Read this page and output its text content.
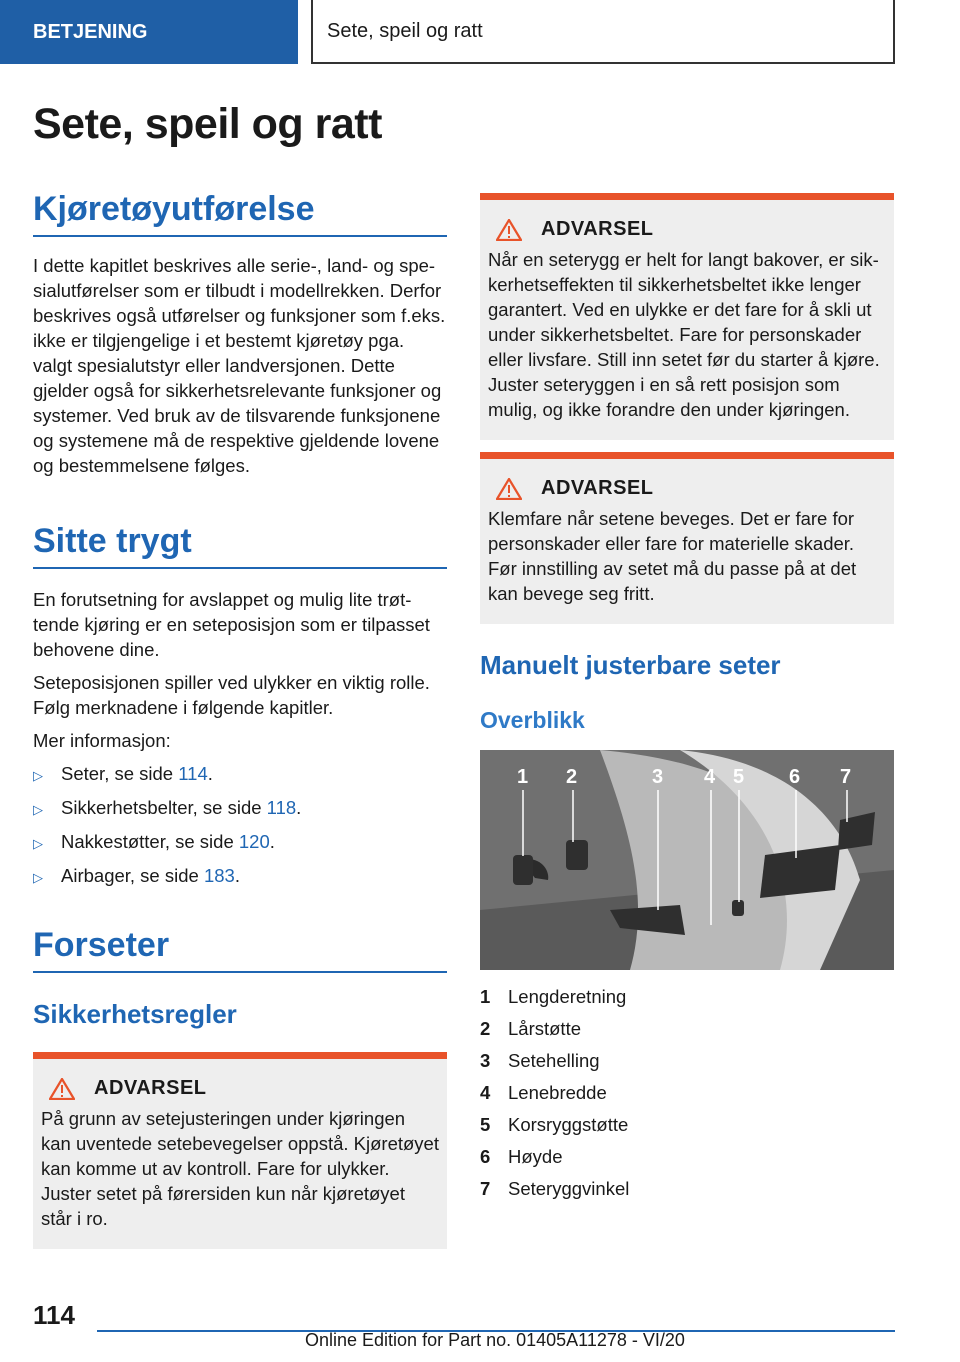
BETJENING	Sete, speil og ratt
Sete, speil og ratt
Kjøretøyutførelse

I dette kapitlet beskrives alle serie-, land- og spesialutførelser som er tilbudt i modellrekken. Derfor beskrives også utførelser og funksjoner som f.eks. ikke er tilgjengelige i et bestemt kjøretøy pga. valgt spesialutstyr eller landversjonen. Dette gjelder også for sikkerhetsrelevante funksjoner og systemer. Ved bruk av de tilsvarende funksjonene og systemene må de respektive gjeldende lovene og bestemmelsene følges.

Sitte trygt

En forutsetning for avslappet og mulig lite trøttende kjøring er en seteposisjon som er tilpasset behovene dine.

Seteposisjonen spiller ved ulykker en viktig rolle. Følg merknadene i følgende kapitler.

Mer informasjon:

▷ Seter, se side 114.
▷ Sikkerhetsbelter, se side 118.
▷ Nakkestøtter, se side 120.
▷ Airbager, se side 183.
Forseter
Sikkerhetsregler
ADVARSEL

På grunn av setejusteringen under kjøringen kan uventede setebevegelser oppstå. Kjøretøyet kan komme ut av kontroll. Fare for ulykker. Juster setet på førersiden kun når kjøretøyet står i ro.

ADVARSEL

Når en seterygg er helt for langt bakover, er sikkerhetseffekten til sikkerhetsbeltet ikke lenger garantert. Ved en ulykke er det fare for å skli ut under sikkerhetsbeltet. Fare for personskader eller livsfare. Still inn setet før du starter å kjøre. Juster seteryggen i en så rett posisjon som mulig, og ikke forandre den under kjøringen.

ADVARSEL

Klemfare når setene beveges. Det er fare for personskader eller fare for materielle skader. Før innstilling av setet må du passe på at det kan bevege seg fritt.

Manuelt justerbare seter
Overblikk
1 2	3 4 5 6 7
1 Lengderetning
2 Lårstøtte
3 Setehelling
4 Lenebredde
5 Korsryggstøtte
6 Høyde
7 Seteryggvinkel
114
Online Edition for Part no. 01405A11278 - VI/20
